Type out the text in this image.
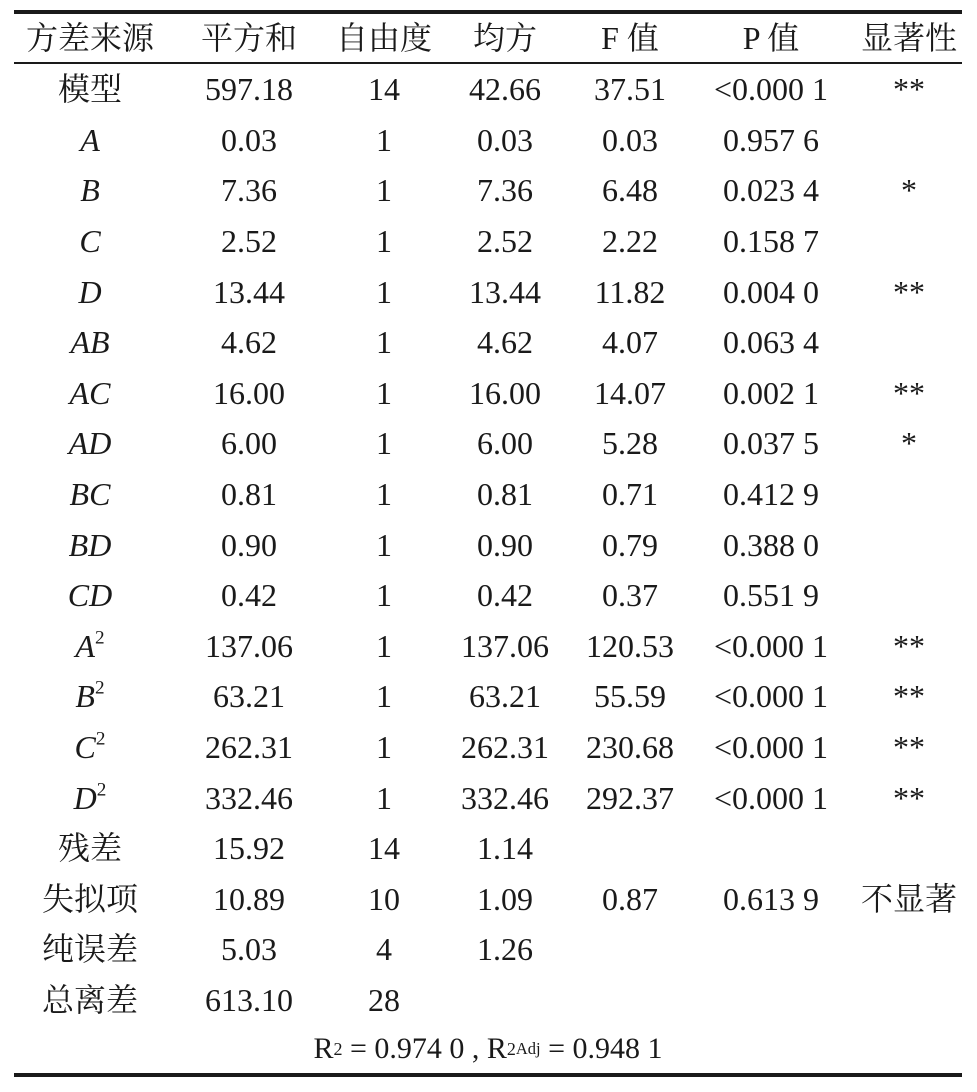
方差来源	平方和	自由度	均方	F 值	P 值	显著性
模型	597.18	14	42.66	37.51	<0.000 1	**
A	0.03	1	0.03	0.03	0.957 6
B	7.36	1	7.36	6.48	0.023 4	*
C	2.52	1	2.52	2.22	0.158 7
D	13.44	1	13.44	11.82	0.004 0	**
AB	4.62	1	4.62	4.07	0.063 4
AC	16.00	1	16.00	14.07	0.002 1	**
AD	6.00	1	6.00	5.28	0.037 5	*
BC	0.81	1	0.81	0.71	0.412 9
BD	0.90	1	0.90	0.79	0.388 0
CD	0.42	1	0.42	0.37	0.551 9
$A^2$	137.06	1	137.06	120.53	<0.000 1	**
$B^2$	63.21	1	63.21	55.59	<0.000 1	**
$C^2$	262.31	1	262.31	230.68	<0.000 1	**
$D^2$	332.46	1	332.46	292.37	<0.000 1	**
残差	15.92	14	1.14
失拟项	10.89	10	1.09	0.87	0.613 9	不显著
纯误差	5.03	4	1.26
总离差	613.10	28
R 2 = 0.974 0 , R 2 Adj = 0.948 1
